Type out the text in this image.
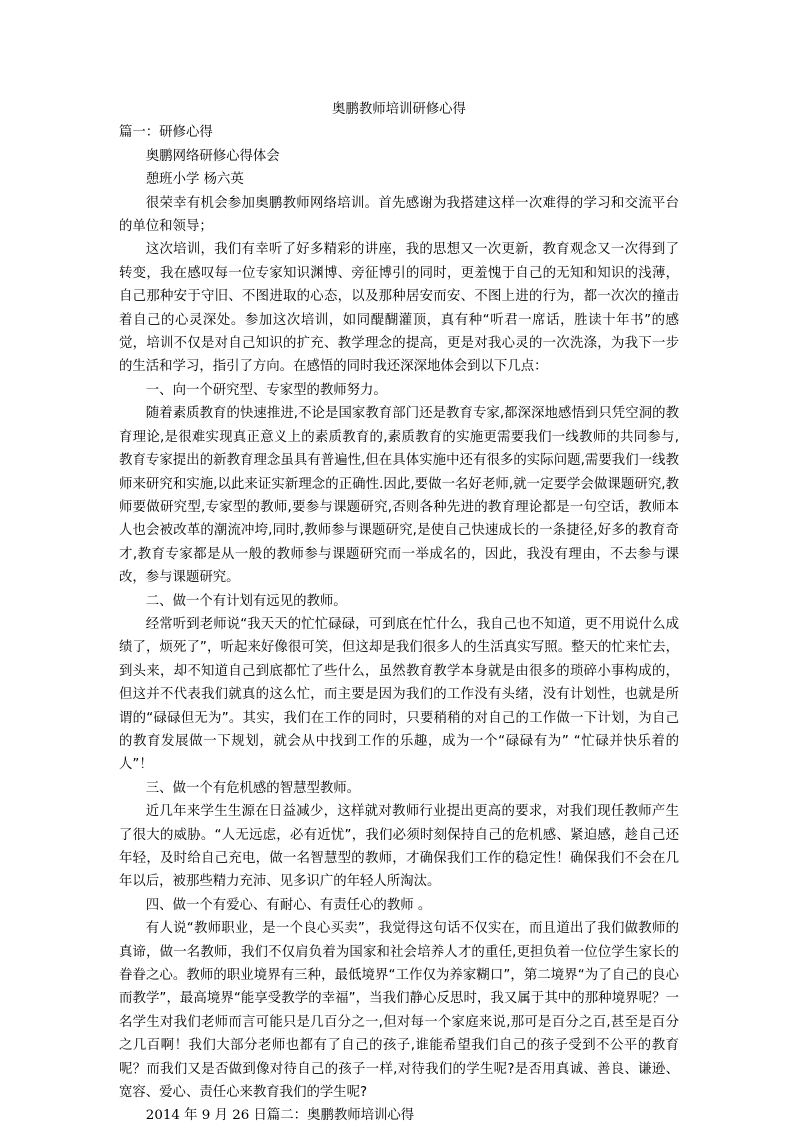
奥鹏教师培训研修心得

篇一：研修心得

奥鹏网络研修心得体会

憩班小学 杨六英

很荣幸有机会参加奥鹏教师网络培训。首先感谢为我搭建这样一次难得的学习和交流平台的单位和领导；

这次培训，我们有幸听了好多精彩的讲座，我的思想又一次更新，教育观念又一次得到了转变，我在感叹每一位专家知识渊博、旁征博引的同时，更羞愧于自己的无知和知识的浅薄，自己那种安于守旧、不图进取的心态，以及那种居安而安、不图上进的行为，都一次次的撞击着自己的心灵深处。参加这次培训，如同醍醐灌顶，真有种“听君一席话，胜读十年书”的感觉，培训不仅是对自己知识的扩充、教学理念的提高，更是对我心灵的一次洗涤，为我下一步的生活和学习，指引了方向。在感悟的同时我还深深地体会到以下几点：

一、向一个研究型、专家型的教师努力。

随着素质教育的快速推进,不论是国家教育部门还是教育专家,都深深地感悟到只凭空洞的教育理论,是很难实现真正意义上的素质教育的,素质教育的实施更需要我们一线教师的共同参与,教育专家提出的新教育理念虽具有普遍性,但在具体实施中还有很多的实际问题,需要我们一线教师来研究和实施,以此来证实新理念的正确性.因此,要做一名好老师,就一定要学会做课题研究,教师要做研究型,专家型的教师,要参与课题研究,否则各种先进的教育理论都是一句空话，教师本人也会被改革的潮流冲垮,同时,教师参与课题研究,是使自己快速成长的一条捷径,好多的教育奇才,教育专家都是从一般的教师参与课题研究而一举成名的，因此，我没有理由，不去参与课改，参与课题研究。

二、做一个有计划有远见的教师。

经常听到老师说“我天天的忙忙碌碌，可到底在忙什么，我自己也不知道，更不用说什么成绩了，烦死了”，听起来好像很可笑，但这却是我们很多人的生活真实写照。整天的忙来忙去，到头来，却不知道自己到底都忙了些什么，虽然教育教学本身就是由很多的琐碎小事构成的，但这并不代表我们就真的这么忙，而主要是因为我们的工作没有头绪，没有计划性，也就是所谓的“碌碌但无为”。其实，我们在工作的同时，只要稍稍的对自己的工作做一下计划，为自己的教育发展做一下规划，就会从中找到工作的乐趣，成为一个“碌碌有为” “忙碌并快乐着的人”！

三、做一个有危机感的智慧型教师。

近几年来学生生源在日益减少，这样就对教师行业提出更高的要求，对我们现任教师产生了很大的威胁。“人无远虑，必有近忧”，我们必须时刻保持自己的危机感、紧迫感，趁自己还年轻，及时给自己充电，做一名智慧型的教师，才确保我们工作的稳定性！确保我们不会在几年以后，被那些精力充沛、见多识广的年轻人所淘汰。

四、做一个有爱心、有耐心、有责任心的教师 。

有人说“教师职业，是一个良心买卖”，我觉得这句话不仅实在，而且道出了我们做教师的真谛，做一名教师，我们不仅肩负着为国家和社会培养人才的重任,更担负着一位位学生家长的眷眷之心。教师的职业境界有三种，最低境界“工作仅为养家糊口”，第二境界“为了自己的良心而教学”，最高境界“能享受教学的幸福”，当我们静心反思时，我又属于其中的那种境界呢？一名学生对我们老师而言可能只是几百分之一,但对每一个家庭来说,那可是百分之百,甚至是百分之几百啊！我们大部分老师也都有了自己的孩子,谁能希望我们自己的孩子受到不公平的教育呢？而我们又是否做到像对待自己的孩子一样,对待我们的学生呢?是否用真诚、善良、谦逊、宽容、爱心、责任心来教育我们的学生呢?

2014 年 9 月 26 日篇二：奥鹏教师培训心得
